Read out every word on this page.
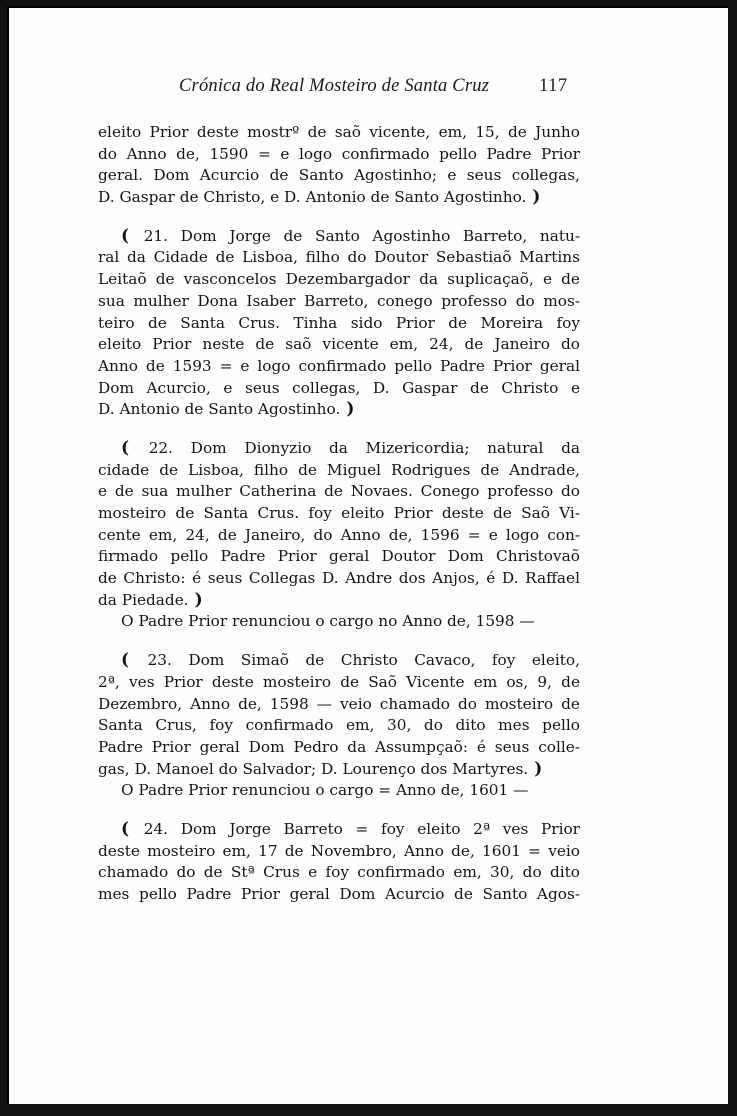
Crónica do Real Mosteiro de Santa Cruz	117
eleito Prior deste mostrº de saõ vicente, em, 15, de Junho
do Anno de, 1590 = e logo confirmado pello Padre Prior
geral. Dom Acurcio de Santo Agostinho; e seus collegas,
D. Gaspar de Christo, e D. Antonio de Santo Agostinho. )
( 21. Dom Jorge de Santo Agostinho Barreto, natu-
ral da Cidade de Lisboa, filho do Doutor Sebastiaõ Martins
Leitaõ de vasconcelos Dezembargador da suplicaçaõ, e de
sua mulher Dona Isaber Barreto, conego professo do mos-
teiro de Santa Crus. Tinha sido Prior de Moreira foy
eleito Prior neste de saõ vicente em, 24, de Janeiro do
Anno de 1593 = e logo confirmado pello Padre Prior geral
Dom Acurcio, e seus collegas, D. Gaspar de Christo e
D. Antonio de Santo Agostinho. )
( 22. Dom Dionyzio da Mizericordia; natural da
cidade de Lisboa, filho de Miguel Rodrigues de Andrade,
e de sua mulher Catherina de Novaes. Conego professo do
mosteiro de Santa Crus. foy eleito Prior deste de Saõ Vi-
cente em, 24, de Janeiro, do Anno de, 1596 = e logo con-
firmado pello Padre Prior geral Doutor Dom Christovaõ
de Christo: é seus Collegas D. Andre dos Anjos, é D. Raffael
da Piedade. )
O Padre Prior renunciou o cargo no Anno de, 1598 —
( 23. Dom Simaõ de Christo Cavaco, foy eleito,
2ª, ves Prior deste mosteiro de Saõ Vicente em os, 9, de
Dezembro, Anno de, 1598 — veio chamado do mosteiro de
Santa Crus, foy confirmado em, 30, do dito mes pello
Padre Prior geral Dom Pedro da Assumpçaõ: é seus colle-
gas, D. Manoel do Salvador; D. Lourenço dos Martyres. )
O Padre Prior renunciou o cargo = Anno de, 1601 —
( 24. Dom Jorge Barreto = foy eleito 2ª ves Prior
deste mosteiro em, 17 de Novembro, Anno de, 1601 = veio
chamado do de Stª Crus e foy confirmado em, 30, do dito
mes pello Padre Prior geral Dom Acurcio de Santo Agos-
